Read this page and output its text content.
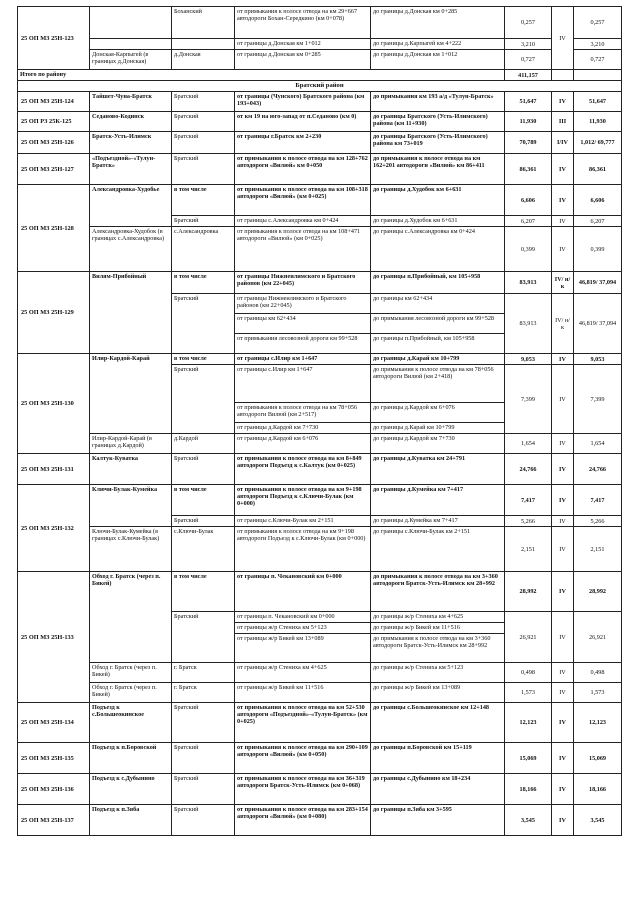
25 ОП МЗ 25Н-123		Боханский	от примыкания к полосе отвода на км 29+667 автодороги Бохан-Середкино (км 0+078)	до границы д.Донская км 0+285	0,257	IV	0,257
			от границы д.Донская км 1+012	до границы д.Карпыгей км 4+222	3,210		3,210
	Донская-Карпыгей (в границах д.Донская)	д.Донская	от границы д.Донская км 0+285	до границы д.Донская км 1+012	0,727		0,727
Итого по району					411,157		
Братский район							
25 ОП МЗ 25Н-124	Тайшет-Чуна-Братск	Братский	от границы (Чунского) Братского района (км 193+043)	до примыкания км 193 а/д «Тулун-Братск»	51,647	IV	51,647
25 ОП РЗ 25К-125	Седаново-Кодинск	Братский	от км 19 на юго-запад от п.Седаново (км 0)	до границы Братского (Усть-Илимского) района (км 11+930)	11,930	III	11,930
25 ОП МЗ 25Н-126	Братск-Усть-Илимск	Братский	от границы г.Братск км 2+230	до границы Братского (Усть-Илимского) района км 73+019	70,789	I/IV	1,012/ 69,777
25 ОП МЗ 25Н-127	«Подъездной»-«Тулун-Братск»	Братский	от примыкания к полосе отвода на км 128+762 автодороги «Вилюй» км 0+050	до примыкания к полосе отвода на км 162+201 автодороги «Вилюй» км 86+411	86,361	IV	86,361
25 ОП МЗ 25Н-128	Александровка-Худобье	в том числе	от примыкания к полосе отвода на км 108+318 автодороги «Вилюй» (км 0+025)	до границы д.Худобок км 6+631	6,606	IV	6,606
		Братский	от границы с.Александровка км 0+424	до границы д.Худобок км 6+631	6,207	IV	6,207
	Александровка-Худобок (в границах с.Александровка)	с.Александровка	от примыкания к полосе отвода на км 108+471 автодороги «Вилюй» (км 0+025)	до границы с.Александровка км 0+424	0,399	IV	0,399
25 ОП МЗ 25Н-129	Вилям-Прибойный	в том числе	от границы Нижнеилимского и Братского районов (км 22+045)	до границы п.Прибойный, км 105+958	83,913	IV/ н/к	46,819/ 37,094
		Братский	от границы Нижнеилимского и Братского районов (км 22+045)	до границы км 62+434	83,913	IV/ н/к	46,819/ 37,094
			от границы км 62+434	до примыкания лесовозной дороги км 99+528			
			от примыкания лесовозной дороги км 99+528	до границы п.Прибойный, км 105+958			
25 ОП МЗ 25Н-130	Илир-Кардой-Карай	в том числе	от границы с.Илир км 1+647	до границы д.Карай км 10+799	9,053	IV	9,053
		Братский	от границы с.Илир км 1+647	до примыкания к полосе отвода на км 78+056 автодороги Вилюй (км 2+418)	7,399	IV	7,399
			от примыкания к полосе отвода на км 78+056 автодороги Вилюй (км 2+517)	до границы д.Кардой км 6+076			
			от границы д.Кардой км 7+730	до границы д.Карай км 10+799			
	Илир-Кардой-Карай (в границах д.Кардой)	д.Кардой	от границы д.Кардой км 6+076	до границы д.Кардой км 7+730	1,654	IV	1,654
25 ОП МЗ 25Н-131	Калтук-Куватка	Братский	от примыкания к полосе отвода на км 8+849 автодороги Подъезд к с.Калтук (км 0+025)	до границы д.Куватка км 24+791	24,766	IV	24,766
25 ОП МЗ 25Н-132	Ключи-Булак-Кумейка	в том числе	от примыкания к полосе отвода на км 9+198 автодороги Подъезд к с.Ключи-Булак (км 0+000)	до границы д.Кумейка км 7+417	7,417	IV	7,417
		Братский	от границы с.Ключи-Булак км 2+151	до границы д.Кумейка км 7+417	5,266	IV	5,266
	Ключи-Булак-Кумейка (в границах с.Ключи-Булак)	с.Ключи-Булак	от примыкания к полосе отвода на км 9+198 автодороги Подъезд к с.Ключи-Булак (км 0+000)	до границы с.Ключи-Булак км 2+151	2,151	IV	2,151
25 ОП МЗ 25Н-133	Обход г. Братск (через п. Бикей)	в том числе	от границы п. Чекановский км 0+000	до примыкания к полосе отвода на км 3+360 автодороги Братск-Усть-Илимск км 28+992	28,992	IV	28,992
		Братский	от границы п. Чекановский км 0+000	до границы ж/р Стениха км 4+625	26,921	IV	26,921
			от границы ж/р Стениха км 5+123	до границы ж/р Бикей км 11+516			
			от границы ж/р Бикей км 13+089	до примыкания к полосе отвода на км 3+360 автодороги Братск-Усть-Илимск км 28+992			
	Обход г. Братск (через п. Бикей)	г. Братск	от границы ж/р Стениха км 4+625	до границы ж/р Стениха км 5+123	0,498	IV	0,498
	Обход г. Братск (через п. Бикей)	г. Братск	от границы ж/р Бикей км 11+516	до границы ж/р Бикей км 13+089	1,573	IV	1,573
25 ОП МЗ 25Н-134	Подъезд к с.Большеокинское	Братский	от примыкания к полосе отвода на км 52+530 автодороги «Подъездной»-«Тулун-Братск» (км 0+025)	до границы с.Большеокинское км 12+148	12,123	IV	12,123
25 ОП МЗ 25Н-135	Подъезд к п.Боровской	Братский	от примыкания к полосе отвода на км 290+109 автодороги «Вилюй» (км 0+050)	до границы п.Боровской км 15+119	15,069	IV	15,069
25 ОП МЗ 25Н-136	Подъезд к с.Дубынино	Братский	от примыкания к полосе отвода на км 36+319 автодороги Братск-Усть-Илимск (км 0+068)	до границы с.Дубынино км 18+234	18,166	IV	18,166
25 ОП МЗ 25Н-137	Подъезд к п.Зяба	Братский	от примыкания к полосе отвода на км 283+154 автодороги «Вилюй» (км 0+080)	до границы п.Зяба км 3+595	3,545	IV	3,545
